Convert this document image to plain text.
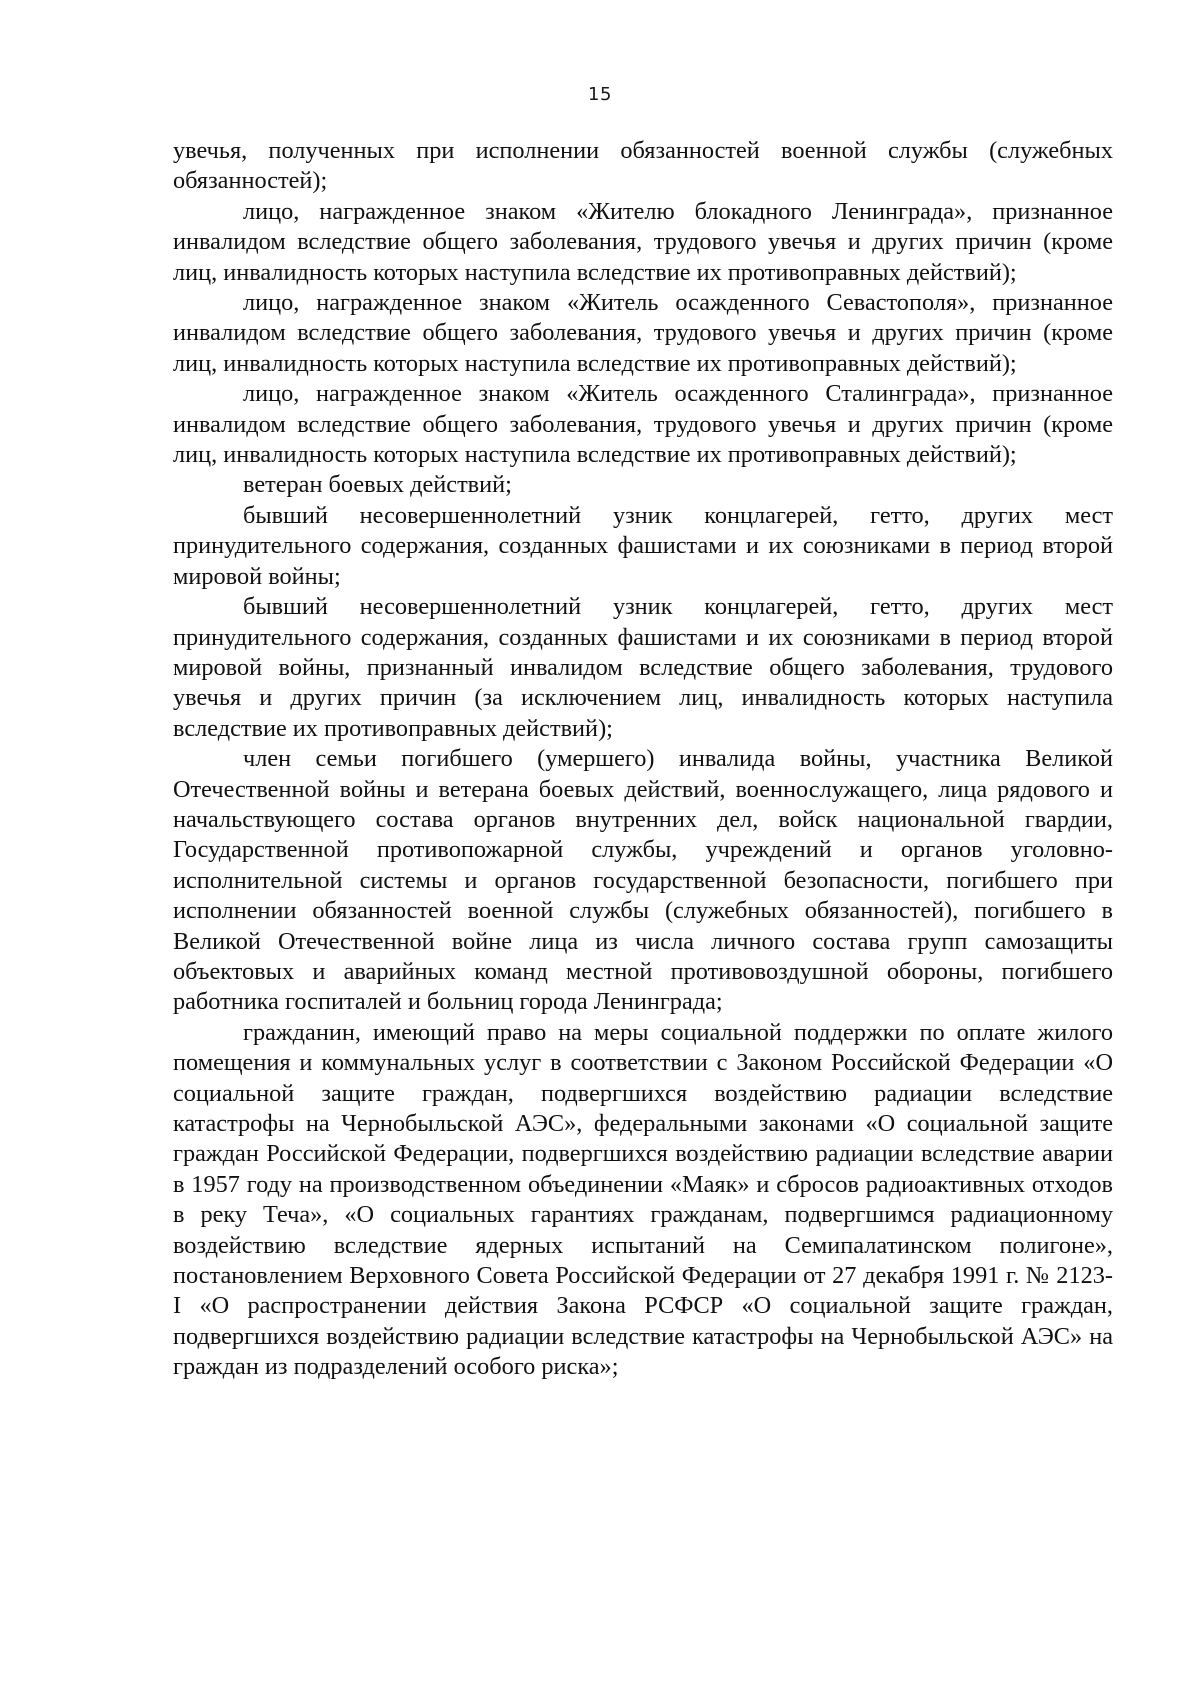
15

увечья, полученных при исполнении обязанностей военной службы (служебных обязанностей);

лицо, награжденное знаком «Жителю блокадного Ленинграда», признанное инвалидом вследствие общего заболевания, трудового увечья и других причин (кроме лиц, инвалидность которых наступила вследствие их противоправных действий);

лицо, награжденное знаком «Житель осажденного Севастополя», признанное инвалидом вследствие общего заболевания, трудового увечья и других причин (кроме лиц, инвалидность которых наступила вследствие их противоправных действий);

лицо, награжденное знаком «Житель осажденного Сталинграда», признанное инвалидом вследствие общего заболевания, трудового увечья и других причин (кроме лиц, инвалидность которых наступила вследствие их противоправных действий);

ветеран боевых действий;

бывший несовершеннолетний узник концлагерей, гетто, других мест принудительного содержания, созданных фашистами и их союзниками в период второй мировой войны;

бывший несовершеннолетний узник концлагерей, гетто, других мест принудительного содержания, созданных фашистами и их союзниками в период второй мировой войны, признанный инвалидом вследствие общего заболевания, трудового увечья и других причин (за исключением лиц, инвалидность которых наступила вследствие их противоправных действий);

член семьи погибшего (умершего) инвалида войны, участника Великой Отечественной войны и ветерана боевых действий, военнослужащего, лица рядового и начальствующего состава органов внутренних дел, войск национальной гвардии, Государственной противопожарной службы, учреждений и органов уголовно-исполнительной системы и органов государственной безопасности, погибшего при исполнении обязанностей военной службы (служебных обязанностей), погибшего в Великой Отечественной войне лица из числа личного состава групп самозащиты объектовых и аварийных команд местной противовоздушной обороны, погибшего работника госпиталей и больниц города Ленинграда;

гражданин, имеющий право на меры социальной поддержки по оплате жилого помещения и коммунальных услуг в соответствии с Законом Российской Федерации «О социальной защите граждан, подвергшихся воздействию радиации вследствие катастрофы на Чернобыльской АЭС», федеральными законами «О социальной защите граждан Российской Федерации, подвергшихся воздействию радиации вследствие аварии в 1957 году на производственном объединении «Маяк» и сбросов радиоактивных отходов в реку Теча», «О социальных гарантиях гражданам, подвергшимся радиационному воздействию вследствие ядерных испытаний на Семипалатинском полигоне», постановлением Верховного Совета Российской Федерации от 27 декабря 1991 г. № 2123-I «О распространении действия Закона РСФСР «О социальной защите граждан, подвергшихся воздействию радиации вследствие катастрофы на Чернобыльской АЭС» на граждан из подразделений особого риска»;
